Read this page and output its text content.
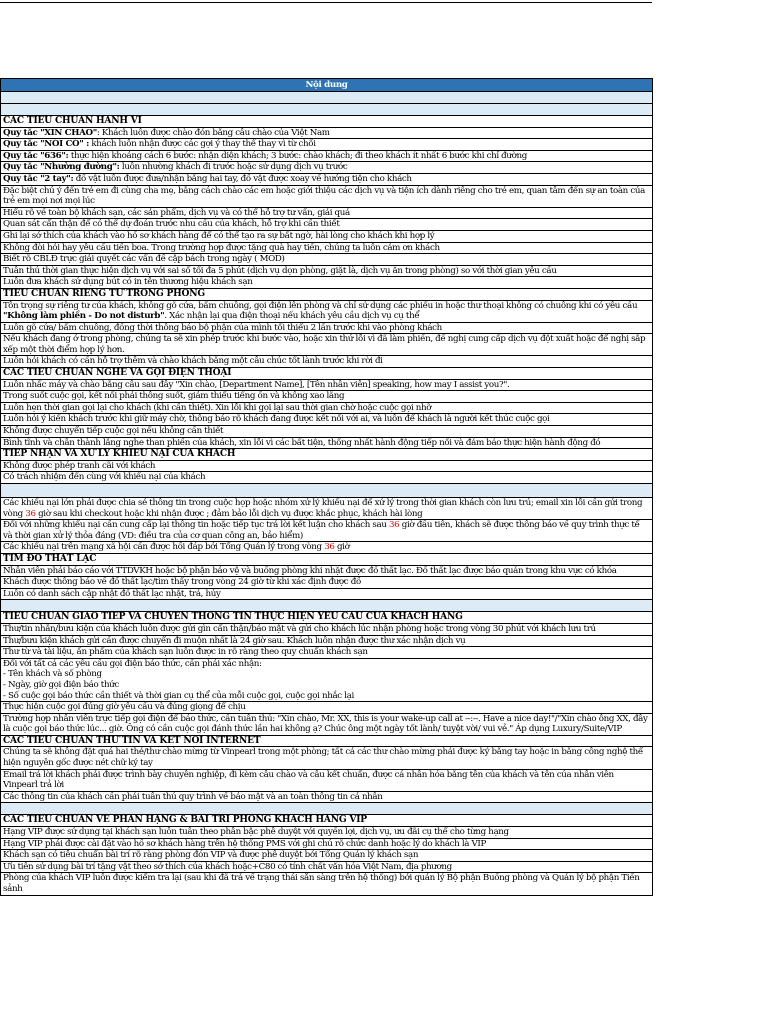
Nội dung
CÁC TIÊU CHUẨN HÀNH VI
Quy tắc "XIN CHÀO": Khách luôn được chào đón bằng câu chào của Việt Nam
Quy tắc "NÓI CÓ" : khách luôn nhận được các gợi ý thay thế thay vì từ chối
Quy tắc "636": thực hiện khoảng cách 6 bước: nhận diện khách; 3 bước: chào khách; đi theo khách ít nhất 6 bước khi chỉ đường
Quy tắc "Nhường đường": luôn nhường khách đi trước hoặc sử dụng dịch vụ trước
Quy tắc "2 tay": đồ vật luôn được đưa/nhận bằng hai tay, đồ vật được xoay về hướng tiện cho khách
Đặc biệt chú ý đến trẻ em đi cùng cha mẹ, bằng cách chào các em hoặc giới thiệu các dịch vụ và tiện ích dành riêng cho trẻ em, quan tâm đến sự an toàn của trẻ em mọi nơi mọi lúc
Hiểu rõ về toàn bộ khách sạn, các sản phẩm, dịch vụ và có thể hỗ trợ tư vấn, giải quả
Quan sát cẩn thận để có thể dự đoán trước nhu cầu của khách, hỗ trợ khi cần thiết
Ghi lại sở thích của khách vào hồ sơ khách hàng để có thể tạo ra sự bất ngờ, hài lòng cho khách khi hợp lý
Không đòi hỏi hay yêu cầu tiền boa. Trong trường hợp được tặng quà hay tiền, chúng ta luôn cảm ơn khách
Biết rõ CBLĐ trực giải quyết các vấn đề cập bách trong ngày ( MOD)
Tuân thủ thời gian thực hiện dịch vụ với sai số tối đa 5 phút (dịch vụ dọn phòng, giặt là, dịch vụ ăn trong phòng) so với thời gian yêu cầu
Luôn đưa khách sử dụng bút có in tên thương hiệu khách sạn
TIÊU CHUẨN RIÊNG TƯ TRONG PHÒNG
Tôn trọng sự riêng tư của khách, không gõ cửa, bấm chuông, gọi điện lên phòng và chỉ sử dụng các phiếu in hoặc thư thoại không có chuông khi có yêu cầu "Không làm phiền - Do not disturb". Xác nhận lại qua điện thoại nếu khách yêu cầu dịch vụ cụ thể
Luôn gõ cửa/ bấm chuông, đồng thời thông báo bộ phận của mình tối thiểu 2 lần trước khi vào phòng khách
Nếu khách đang ở trong phòng, chúng ta sẽ xin phép trước khi bước vào, hoặc xin thứ lỗi vì đã làm phiền, đề nghị cung cấp dịch vụ đột xuất hoặc để nghị sắp xếp một thời điểm hợp lý hơn.
Luôn hỏi khách có cần hỗ trợ thêm và chào khách bằng một câu chúc tốt lành trước khi rời đi
CÁC TIÊU CHUẨN NGHE VÀ GỌI ĐIỆN THOẠI
Luôn nhấc máy và chào bằng câu sau đây "Xin chào, [Department Name], [Tên nhân viên] speaking, how may I assist you?".
Trong suốt cuộc gọi, kết nối phải thông suốt, giảm thiểu tiếng ồn và không xao lãng
Luôn hẹn thời gian gọi lại cho khách (khi cần thiết). Xin lỗi khi gọi lại sau thời gian chờ hoặc cuộc gọi nhỡ
Luôn hỏi ý kiến khách trước khi giữ máy chờ, thông báo rõ khách đang được kết nối với ai, và luôn để khách là người kết thúc cuộc gọi
Không được chuyển tiếp cuộc gọi nếu không cần thiết
Bình tĩnh và chân thành lắng nghe than phiền của khách, xin lỗi vì các bất tiện, thống nhất hành động tiếp nối và đảm bảo thực hiện hành động đó
TIẾP NHẬN VÀ XỬ LÝ KHIẾU NẠI CỦA KHÁCH
Không được phép tranh cãi với khách
Có trách nhiệm đến cùng với khiếu nại của khách
Các khiếu nại lớn phải được chia sẻ thông tin trong cuộc họp hoặc nhóm xử lý khiếu nại để xử lý trong thời gian khách còn lưu trú; email xin lỗi cần gửi trong vòng 36 giờ sau khi checkout hoặc khi nhận được ; đảm bảo lỗi dịch vụ được khắc phục, khách hài lòng
Đối với những khiếu nại cần cung cấp lại thông tin hoặc tiếp tục trả lời kết luận cho khách sau 36 giờ đầu tiên, khách sẽ được thông báo về quy trình thực tế và thời gian xử lý thỏa đáng (VD: điều tra của cơ quan công an, bảo hiểm)
Các khiếu nại trên mạng xã hội cần được hồi đáp bởi Tổng Quản lý trong vòng 36 giờ
TÌM ĐỒ THẤT LẠC
Nhân viên phải báo cáo với TTDVKH hoặc bộ phận bảo vệ và buồng phòng khi nhặt được đồ thất lạc. Đồ thất lạc được bảo quản trong khu vực có khóa
Khách được thông báo về đồ thất lạc/tìm thấy trong vòng 24 giờ từ khi xác định được đồ
Luôn có danh sách cập nhật đồ thất lạc nhặt, trả, hủy
TIÊU CHUẨN GIAO TIẾP VÀ CHUYỂN THÔNG TIN THỰC HIỆN YÊU CẦU CỦA KHÁCH HÀNG
Thư/tin nhắn/bưu kiện của khách luôn được gửi gìn cẩn thận/bảo mật và gửi cho khách lúc nhận phòng hoặc trong vòng 30 phút với khách lưu trú
Thư/bưu kiện khách gửi cần được chuyển đi muộn nhất là 24 giờ sau. Khách luôn nhận được thư xác nhận dịch vụ
Thư từ và tài liệu, ấn phẩm của khách sạn luôn được in rõ ràng theo quy chuẩn khách sạn
Đối với tất cả các yêu cầu gọi điện báo thức, cần phải xác nhận:
- Tên khách và số phòng
- Ngày, giờ gọi điện báo thức
- Số cuộc gọi báo thức cần thiết và thời gian cụ thể của mỗi cuộc gọi, cuộc gọi nhắc lại
Thực hiện cuộc gọi đúng giờ yêu cầu và đúng giọng để chịu
Trường hợp nhân viên trực tiếp gọi điện để báo thức, cần tuân thủ: "Xin chào, Mr. XX, this is your wake-up call at --:--. Have a nice day!"/"Xin chào ông XX, đây là cuộc gọi báo thức lúc... giờ. Ông có cần cuộc gọi đánh thức lần hai không ạ? Chúc ông một ngày tốt lành/ tuyệt vời/ vui vẻ." Áp dụng Luxury/Suite/VIP
CÁC TIÊU CHUẨN THƯ TÍN VÀ KẾT NỐI INTERNET
Chúng ta sẽ không đặt quá hai thẻ/thư chào mừng từ Vinpearl trong một phòng; tất cả các thư chào mừng phải được ký bằng tay hoặc in bằng công nghệ thể hiện nguyên gốc được nét chữ ký tay
Email trả lời khách phải được trình bày chuyên nghiệp, đi kèm câu chào và câu kết chuẩn, được cá nhân hóa bằng tên của khách và tên của nhân viên Vinpearl trả lời
Các thông tin của khách cần phải tuân thủ quy trình về bảo mật và an toàn thông tin cá nhân
CÁC TIÊU CHUẨN VỀ PHÂN HẠNG & BÀI TRÍ PHÒNG KHÁCH HÀNG VIP
Hạng VIP được sử dụng tại khách sạn luôn tuân theo phân bậc phê duyệt với quyền lợi, dịch vụ, ưu đãi cụ thể cho từng hạng
Hạng VIP phải được cài đặt vào hồ sơ khách hàng trên hệ thống PMS với ghi chú rõ chức danh hoặc lý do khách là VIP
Khách sạn có tiêu chuẩn bài trí rõ ràng phòng đón VIP và được phê duyệt bởi Tổng Quản lý khách sạn
Ưu tiên sử dụng bài trí tặng vật theo sở thích của khách hoặc+C80 có tính chất văn hóa Việt Nam, địa phương
Phòng của khách VIP luôn được kiểm tra lại (sau khi đã trả về trạng thái sẵn sàng trên hệ thống) bởi quản lý Bộ phận Buồng phòng và Quản lý bộ phận Tiền sảnh
